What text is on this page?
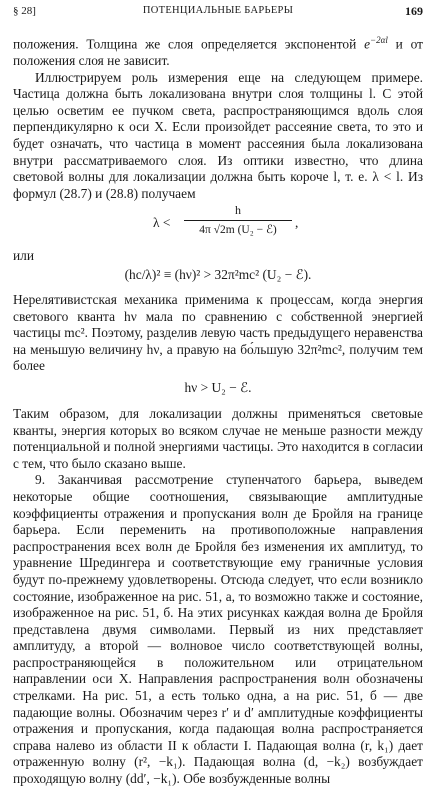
§ 28]	ПОТЕНЦИАЛЬНЫЕ БАРЬЕРЫ	169

положения. Толщина же слоя определяется экспонентой $e^{-2\alpha l}$ и от положения слоя не зависит.

Иллюстрируем роль измерения еще на следующем примере. Частица должна быть локализована внутри слоя толщины l. С этой целью осветим ее пучком света, распространяющимся вдоль слоя перпендикулярно к оси X. Если произойдет рассеяние света, то это и будет означать, что частица в момент рассеяния была локализована внутри рассматриваемого слоя. Из оптики известно, что длина световой волны для локализации должна быть короче l, т. е. λ < l. Из формул (28.7) и (28.8) получаем

λ <
h
4π √2m (U₂ − ℰ)	,

или

(hc/λ)² ≡ (hν)² > 32π²mc² (U₂ − ℰ).

Нерелятивистская механика применима к процессам, когда энергия светового кванта hν мала по сравнению с собственной энергией частицы mc². Поэтому, разделив левую часть предыдущего неравенства на меньшую величину hν, а правую на бо́льшую 32π²mc², получим тем более

hν > U₂ − ℰ.

Таким образом, для локализации должны применяться световые кванты, энергия которых во всяком случае не меньше разности между потенциальной и полной энергиями частицы. Это находится в согласии с тем, что было сказано выше.

9. Заканчивая рассмотрение ступенчатого барьера, выведем некоторые общие соотношения, связывающие амплитудные коэффициенты отражения и пропускания волн де Бройля на границе барьера. Если переменить на противоположные направления распространения всех волн де Бройля без изменения их амплитуд, то уравнение Шредингера и соответствующие ему граничные условия будут по-прежнему удовлетворены. Отсюда следует, что если возникло состояние, изображенное на рис. 51, а, то возможно также и состояние, изображенное на рис. 51, б. На этих рисунках каждая волна де Бройля представлена двумя символами. Первый из них представляет амплитуду, а второй — волновое число соответствующей волны, распространяющейся в положительном или отрицательном направлении оси X. Направления распространения волн обозначены стрелками. На рис. 51, а есть только одна, а на рис. 51, б — две падающие волны. Обозначим через r′ и d′ амплитудные коэффициенты отражения и пропускания, когда падающая волна распространяется справа налево из области II к области I. Падающая волна (r, k₁) дает отраженную волну (r², −k₁). Падающая волна (d, −k₂) возбуждает проходящую волну (dd′, −k₁). Обе возбужденные волны
